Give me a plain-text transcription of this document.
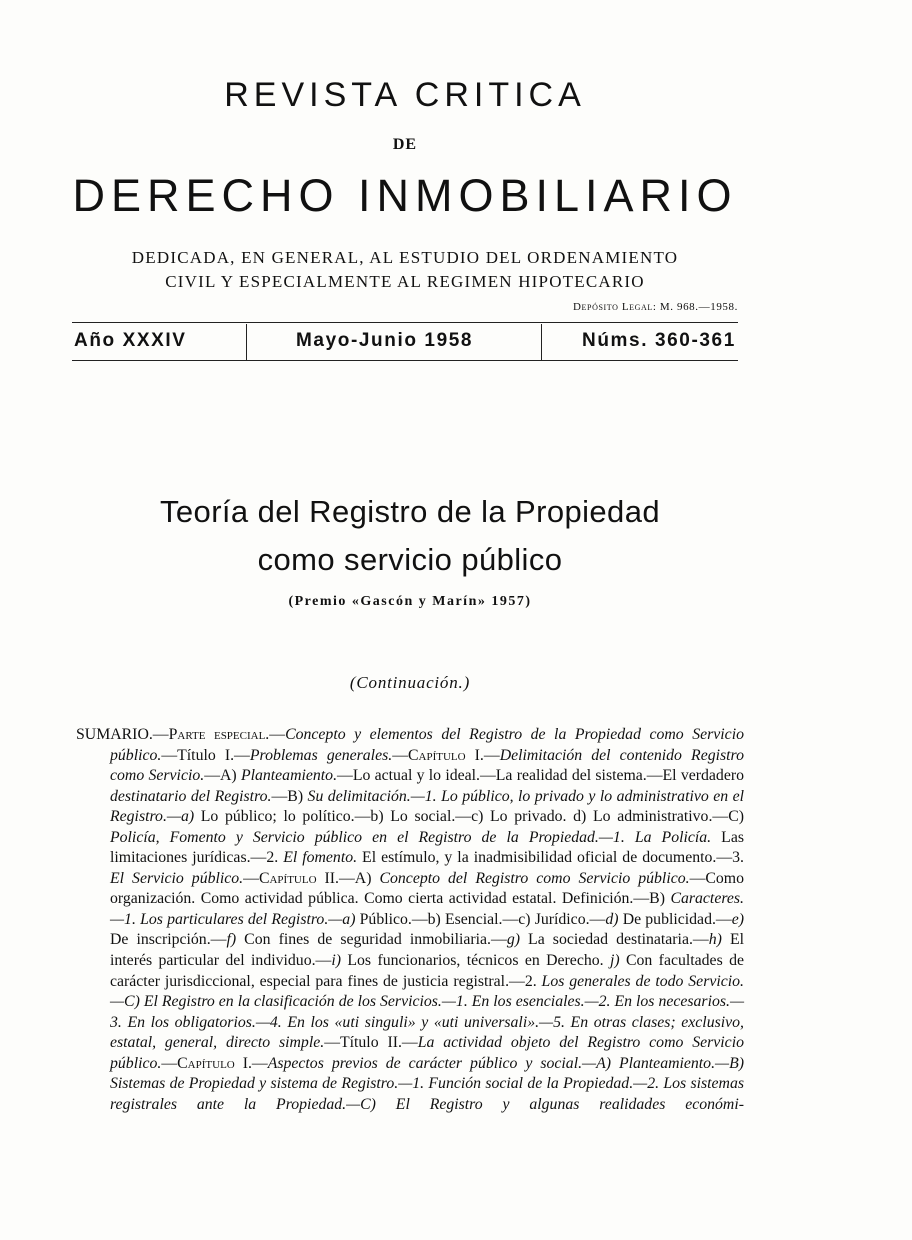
REVISTA CRITICA
DE
DERECHO INMOBILIARIO
DEDICADA, EN GENERAL, AL ESTUDIO DEL ORDENAMIENTO
CIVIL Y ESPECIALMENTE AL REGIMEN HIPOTECARIO
Depósito Legal: M. 968.—1958.
Año XXXIV	Mayo-Junio 1958	Núms. 360-361
Teoría del Registro de la Propiedad
como servicio público
(Premio «Gascón y Marín» 1957)
(Continuación.)
SUMARIO.—Parte especial.—Concepto y elementos del Registro de la Propiedad como Servicio público.—Título I.—Problemas generales.—Capítulo I.—Delimitación del contenido Registro como Servicio.—A) Planteamiento.—Lo actual y lo ideal.—La realidad del sistema.—El verdadero destinatario del Registro.—B) Su delimitación.—1. Lo público, lo privado y lo administrativo en el Registro.—a) Lo público; lo político.—b) Lo social.—c) Lo privado. d) Lo administrativo.—C) Policía, Fomento y Servicio público en el Registro de la Propiedad.—1. La Policía. Las limitaciones jurídicas.—2. El fomento. El estímulo, y la inadmisibilidad oficial de documento.—3. El Servicio público.—Capítulo II.—A) Concepto del Registro como Servicio público.—Como organización. Como actividad pública. Como cierta actividad estatal. Definición.—B) Caracteres.—1. Los particulares del Registro.—a) Público.—b) Esencial.—c) Jurídico.—d) De publicidad.—e) De inscripción.—f) Con fines de seguridad inmobiliaria.—g) La sociedad destinataria.—h) El interés particular del individuo.—i) Los funcionarios, técnicos en Derecho. j) Con facultades de carácter jurisdiccional, especial para fines de justicia registral.—2. Los generales de todo Servicio.—C) El Registro en la clasificación de los Servicios.—1. En los esenciales.—2. En los necesarios.—3. En los obligatorios.—4. En los «uti singuli» y «uti universali».—5. En otras clases; exclusivo, estatal, general, directo simple.—Título II.—La actividad objeto del Registro como Servicio público.—Capítulo I.—Aspectos previos de carácter público y social.—A) Planteamiento.—B) Sistemas de Propiedad y sistema de Registro.—1. Función social de la Propiedad.—2. Los sistemas registrales ante la Propiedad.—C) El Registro y algunas realidades económi-
